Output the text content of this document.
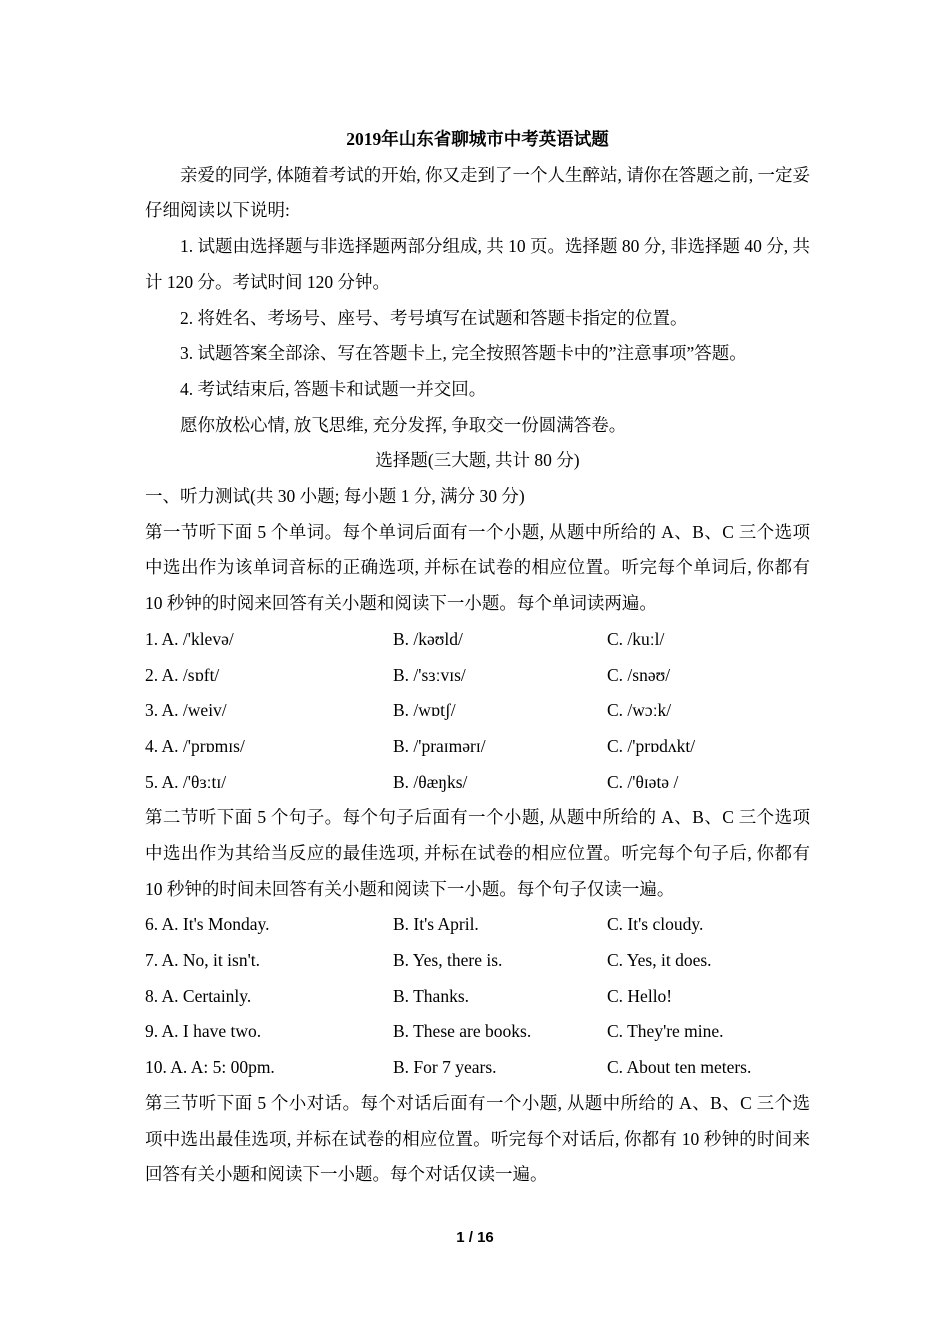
2019年山东省聊城市中考英语试题

亲爱的同学, 体随着考试的开始, 你又走到了一个人生醉站, 请你在答题之前, 一定妥仔细阅读以下说明:

1. 试题由选择题与非选择题两部分组成, 共 10 页。选择题 80 分, 非选择题 40 分, 共计 120 分。考试时间 120 分钟。

2. 将姓名、考场号、座号、考号填写在试题和答题卡指定的位置。

3. 试题答案全部涂、写在答题卡上, 完全按照答题卡中的”注意事项”答题。

4. 考试结束后, 答题卡和试题一并交回。

愿你放松心情, 放飞思维, 充分发挥, 争取交一份圆满答卷。

选择题(三大题, 共计 80 分)
一、听力测试(共 30 小题; 每小题 1 分, 满分 30 分)

第一节听下面 5 个单词。每个单词后面有一个小题, 从题中所给的 A、B、C 三个选项中选出作为该单词音标的正确选项, 并标在试卷的相应位置。听完每个单词后, 你都有 10 秒钟的时阅来回答有关小题和阅读下一小题。每个单词读两遍。

1. A. /'klevə/	B. /kəʊld/	C. /kuːl/
2. A. /sɒft/	B. /'sɜːvɪs/	C. /snəʊ/
3. A. /weiv/	B. /wɒtʃ/	C. /wɔːk/
4. A. /'prɒmɪs/	B. /'praɪmərɪ/	C. /'prɒdʌkt/
5. A. /'θɜːtɪ/	B. /θæŋks/	C. /'θɪətə /

第二节听下面 5 个句子。每个句子后面有一个小题, 从题中所给的 A、B、C 三个选项中选出作为其给当反应的最佳选项, 并标在试卷的相应位置。听完每个句子后, 你都有 10 秒钟的时间未回答有关小题和阅读下一小题。每个句子仅读一遍。

6. A. It's Monday.	B. It's April.	C. It's cloudy.
7. A. No, it isn't.	B. Yes, there is.	C. Yes, it does.
8. A. Certainly.	B. Thanks.	C. Hello!
9. A. I have two.	B. These are books.	C. They're mine.
10. A. A: 5: 00pm.	B. For 7 years.	C. About ten meters.

第三节听下面 5 个小对话。每个对话后面有一个小题, 从题中所给的 A、B、C 三个选项中选出最佳选项, 并标在试卷的相应位置。听完每个对话后, 你都有 10 秒钟的时间来回答有关小题和阅读下一小题。每个对话仅读一遍。

1 / 16
